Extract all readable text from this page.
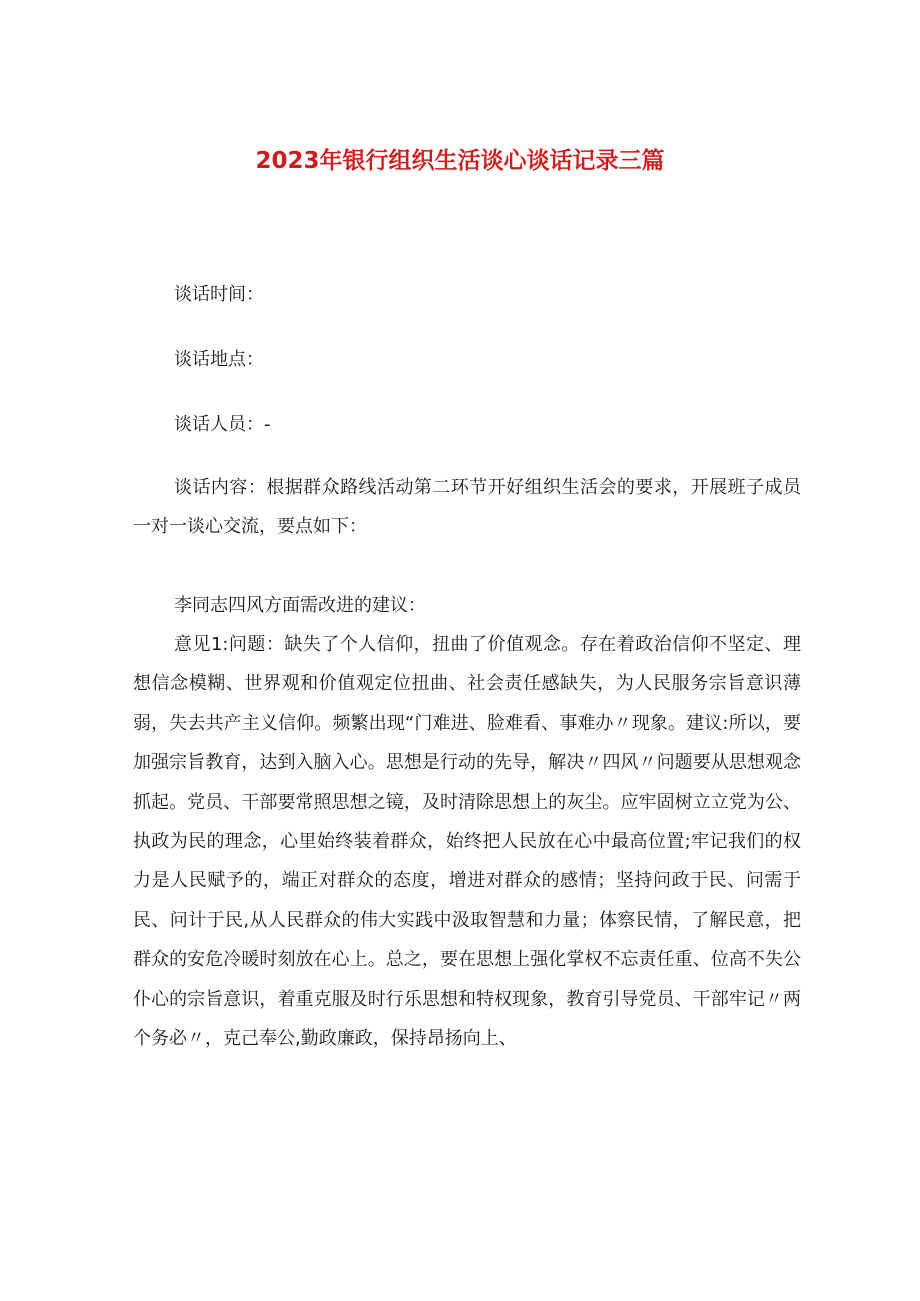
2023年银行组织生活谈心谈话记录三篇

谈话时间：

谈话地点：

谈话人员：-

谈话内容：根据群众路线活动第二环节开好组织生活会的要求，开展班子成员一对一谈心交流，要点如下：

李同志四风方面需改进的建议：

意见1:问题：缺失了个人信仰，扭曲了价值观念。存在着政治信仰不坚定、理想信念模糊、世界观和价值观定位扭曲、社会责任感缺失，为人民服务宗旨意识薄弱，失去共产主义信仰。频繁出现“门难进、脸难看、事难办〃现象。建议:所以，要加强宗旨教育，达到入脑入心。思想是行动的先导，解决〃四风〃问题要从思想观念抓起。党员、干部要常照思想之镜，及时清除思想上的灰尘。应牢固树立立党为公、执政为民的理念，心里始终装着群众，始终把人民放在心中最高位置;牢记我们的权力是人民赋予的，端正对群众的态度，增进对群众的感情；坚持问政于民、问需于民、问计于民,从人民群众的伟大实践中汲取智慧和力量；体察民情，了解民意，把群众的安危冷暖时刻放在心上。总之，要在思想上强化掌权不忘责任重、位高不失公仆心的宗旨意识，着重克服及时行乐思想和特权现象，教育引导党员、干部牢记〃两个务必〃，克己奉公,勤政廉政，保持昂扬向上、
